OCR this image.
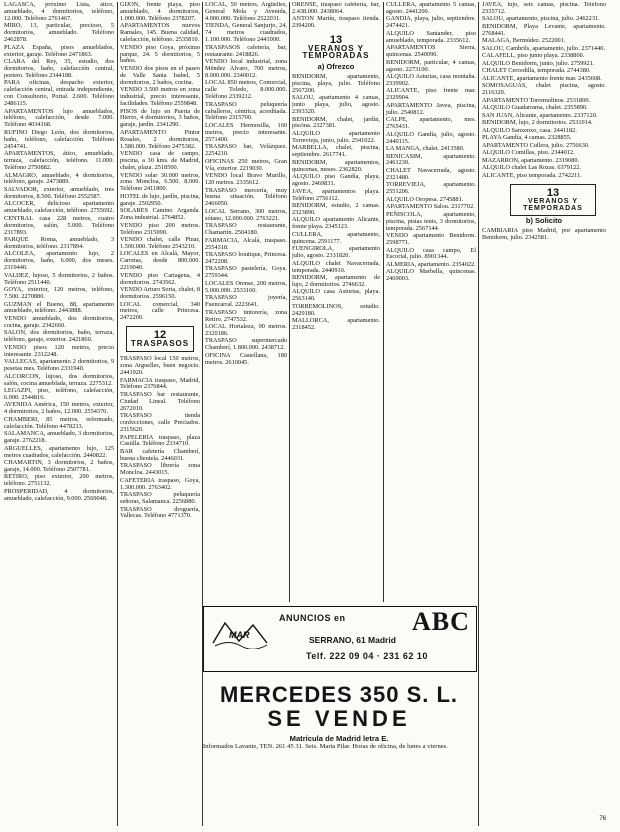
LAGASCA, próximo Lista, ático, amueblado, 4 dormitorios, teléfono, 12.000. Teléfono 2761467.

MIRO, 13, particular, precioso, 5 dormitorios, amueblado. Teléfono 2462878.

PLAZA España, pisos amueblados, exterior, garaje. Teléfono 2471863.

CLARA del Rey, 35, estudio, dos dormitorios, baño, calefacción central, portero. Teléfono 2344188.

PARA oficinas, despacho exterior, calefacción central, entrada independiente, con Consultorio, Portal. 2.600. Teléfono 2486115.

APARTAMENTOS lujo amueblados, teléfono, calefacción, desde 7.000. Teléfono 4034168.

RUFINO Diego León, dos dormitorios, baño, teléfono, calefacción. Teléfono 2454741.

APARTAMENTOS, ático, amueblado, terraza, calefacción, teléfono. 11.000. Teléfono 2750882.

ALMAGRO, amueblado, 4 dormitorios, teléfono, garaje. 2473889.

SALVADOR, exterior, amueblado, tres dormitorios, 8.500. Teléfono 2552587.

ALCOCER, delicioso apartamento amueblado, calefacción, teléfono. 2755692.

CENTRAL casa 228 metros, cuatro dormitorios, salón, 5.000. Teléfono 2317893.

PARQUE Roma, amueblado, 3 dormitorios, teléfono. 2317894.

ALCOLEA, apartamento lujo, 2 dormitorios, baño, 6.000, dos meses. 2319440.

VALDEZ, lujoso, 5 dormitorios, 2 baños. Teléfono 2511440.

GOYA, exterior, 120 metros, teléfono, 7.500. 2270880.

GUZMAN el Bueno, 88, apartamento amueblado, teléfono. 2443888.

VENDO amueblado, dos dormitorios, cocina, garaje. 2342660.

SALON, dos dormitorios, baño, terraza, teléfono, garaje, exterior. 2421860.

VENDO pisos 120 metros, precio interesante. 2312248.

VALLECAS, apartamento 2 dormitorios, 9 pesetas mes. Teléfono 2331940.

ALCORCON, lujoso, dos dormitorios, salón, cocina amueblada, terraza. 2275312.

LEGAZPI, piso, teléfono, calefacción, 6.000. 2544816.

AVENIDA América, 150 metros, exterior, 4 dormitorios, 2 baños, 12.000. 2554370.

CHAMBERI, 85 metros, reformado, calefacción. Teléfono 4478233.

SALAMANCA, amueblado, 3 dormitorios, garaje. 2762218.

ARGUELLES, apartamento lujo, 125 metros cuadrados, calefacción. 2440822.

CHAMARTIN, 3 dormitorios, 2 baños, garaje, 14.000. Teléfono 2507781.

RETIRO, piso exterior, 200 metros, teléfono. 2751132.

PROSPERIDAD, 4 dormitorios, amueblado, calefacción, 9.000. 2569048.

GIJON, frente playa, piso amueblado, 4 dormitorios, 1.000.000. Teléfono 2378207.

APARTAMENTOS nuevos Ramales, 145. Buena calidad, calefacción, teléfono. 2535810.

VENDO piso Goya, próximo parque, 24. 5 dormitorios, 5 baños.

VENDO dos pisos en el paseo de Valle Santa Isabel, 5 dormitorios, 2 baños, cocina.

VENDO 3.500 metros en zona industrial, precio interesante, facilidades. Teléfono 2559848.

PISOS de lujo en Puerta de Hierro, 4 dormitorios, 3 baños, garaje, jardín. 2341290.

APARTAMENTO Pintor Rosales, 2 dormitorios, 1.580.000. Teléfono 2475382.

VENDO casa de campo, piscina, a 30 kms. de Madrid, chalet, plaza. 2518500.

VENDO solar 30.000 metros, zona Moncloa, 6.500. 8.000. Teléfono 2411800.

HOTEL de lujo, jardín, piscina, garaje. 2502950.

SOLARES Camino Arganda. Zona industrial. 2764852.

VENDO piso 200 metros. Teléfono 2315090.

VENDO chalet, calle Pinar, 1.500.000. Teléfono 2543210.

LOCALES en Alcalá, Mayor, Carretas, desde 800.000. 2219040.

VENDO piso Cartagena, 4 dormitorios. 2743562.

VENDO Arturo Soria, chalet, 8 dormitorios. 2596150.

LOCAL comercial, 340 metros, calle Princesa. 2472200.

12
TRASPASOS

TRASPASO local 150 metros, zona Arguelles, buen negocio. 2441920.

FARMACIA traspaso, Madrid, Teléfono 2376844.

TRASPASO bar restaurante, Ciudad Lineal. Teléfono 2672010.

TRASPASO tienda confecciones, calle Preciados. 2315620.

PAPELERIA traspaso, plaza Castilla. Teléfono 2334710.

BAR cafetería Chamberí, buena clientela. 2446031.

TRASPASO librería zona Moncloa. 2443015.

CAFETERIA traspaso, Goya, 1.300.000. 2763402.

TRASPASO peluquería señoras, Salamanca. 2256880.

TRASPASO droguería, Vallecas. Teléfono 4771370.

LOCAL, 50 metros, Argüelles, General Mola y Avenida, 4.000.000. Teléfono 2522031.

TIENDA, General Sanjurjo, 24, 74 metros cuadrados, 1.100.000. Teléfono 2441000.

TRASPASOS cafetería, bar, restaurante. 2418826.

VENDO local industrial, zona Méndez Alvaro, 700 metros, 8.000.000. 2340012.

LOCAL 850 metros, Comercial, calle Toledo, 8.000.000. Teléfono 2339212.

TRASPASO peluquería caballeros, céntrica, acreditada. Teléfono 2315700.

LOCALES Hermosilla, 160 metros, precio interesante. 2571400.

TRASPASO bar, Velázquez. 2254210.

OFICINAS 250 metros, Gran Vía, exterior. 2219030.

VENDO local Bravo Murillo, 120 metros. 2335612.

TRASPASO mercería, muy buena situación. Teléfono 2466050.

LOCAL Serrano, 300 metros, sótano, 12.000.000. 2763221.

TRASPASO restaurante, Chamartín. 2504180.

FARMACIA, Alcalá, traspaso. 2554318.

TRASPASO boutique, Princesa. 2472208.

TRASPASO pastelería, Goya. 2759344.

LOCALES Orense, 200 metros, 5.000.000. 2533160.

TRASPASO joyería, Fuencarral. 2223641.

TRASPASO tintorería, zona Retiro. 2747532.

LOCAL Hortaleza, 90 metros. 2320186.

TRASPASO supermercado Chamberí, 1.800.000. 2438712.

OFICINA Castellana, 180 metros. 2610045.

ORENSE, traspaso cafetería, bar, 2.438.000. 2438064.

ANTON Martín, traspaso tienda. 2394200.

13
VERANOS Y TEMPORADAS
a) Ofrezco

BENIDORM, apartamento, piscina, playa, julio. Teléfono 2567200.

SALOU, apartamento 4 camas, junto playa, julio, agosto. 2393320.

BENIDORM, chalet, jardín, piscina. 2327381.

ALQUILO apartamento Torrevieja, junio, julio. 2541022.

MARBELLA, chalet, piscina, septiembre. 2617741.

BENIDORM, apartamentos, quincenas, meses. 2362820.

ALQUILO piso Gandía, playa, agosto. 2469831.

JAVEA, apartamentos playa. Teléfono 2756112.

BENIDORM, estudio, 2 camas. 2323890.

ALQUILO apartamento Alicante, frente playa. 2345123.

CULLERA, apartamento, quincena. 2591177.

FUENGIROLA, apartamento julio, agosto. 2331820.

ALQUILO chalet Navacerrada, temporada. 2440910.

BENIDORM, apartamento de lujo, 2 dormitorios. 2746632.

ALQUILO casa Asturias, playa. 2563140.

TORREMOLINOS, estudio. 2429180.

MALLORCA, apartamento. 2318452.

CULLERA, apartamento 5 camas, agosto. 2441200.

GANDIA, playa, julio, septiembre. 2474421.

ALQUILO Santander, piso amueblado, temporada. 2335612.

APARTAMENTOS Sierra, quincenas. 2540090.

BENIDORM, particular, 4 camas, agosto. 2273100.

ALQUILO Asturias, casa montaña. 2339902.

ALICANTE, piso frente mar. 2329904.

APARTAMENTO Javea, piscina, julio. 2540812.

CALPE, apartamento, mes. 2765431.

ALQUILO Gandía, julio, agosto. 2440115.

LA MANGA, chalet. 2413580.

BENICASIM, apartamento. 2461230.

CHALET Navacerrada, agosto. 2321480.

TORREVIEJA, apartamento. 2551206.

ALQUILO Oropesa. 2745881.

APARTAMENTO Salou. 2317702.

PEÑISCOLA, apartamento, piscina, pistas tenis, 3 dormitorios, temporada. 2567144.

VENDO apartamento Benidorm. 2598771.

ALQUILO casa campo, El Escorial, julio. 8901344.

ALMERIA, apartamento. 2354022.

ALQUILO Marbella, quincenas. 2469003.

JAVEA, lujo, seis camas, piscina. Teléfono 2335712.

SALOU, apartamento, piscina, julio. 2462231.

BENIDORM, Playa Levante, apartamento. 2768441.

MALAGA, Bermúdez. 2522001.

SALOU, Cambrils, apartamento, julio. 2371440.

CALAFELL, piso junto playa. 2338800.

ALQUILO Benidorm, junio, julio. 2759921.

CHALET Cercedilla, temporada. 2744380.

ALICANTE, apartamento frente mar. 2435608.

SOMOSAGUAS, chalet piscina, agosto. 2116320.

APARTAMENTO Torremolinos. 2531800.

ALQUILO Guadarrama, chalet. 2355890.

SAN JUAN, Alicante, apartamento. 2337120.

BENIDORM, lujo, 2 dormitorios. 2531014.

ALQUILO Sanxenxo, casa. 2441182.

PLAYA Gandía, 4 camas. 2328855.

APARTAMENTO Cullera, julio. 2756630.

ALQUILO Comillas, piso. 2344012.

MAZARRON, apartamento. 2319080.

ALQUILO chalet Las Rozas. 6379122.

ALICANTE, piso temporada. 2742211.

13
VERANOS Y TEMPORADAS
b) Solicito

CAMBIARIA piso Madrid, por apartamento Benidorm, julio. 2342581.

MAR
ANUNCIOS en	ABC
SERRANO, 61 Madrid
Telf. 222 09 04 · 231 62 10
MERCEDES 350 S. L.
SE VENDE
Matrícula de Madrid letra E.
Informados Lavante, TEN. 261 45 31. Seis. Marta Pilar. Horas de oficina, de lunes a viernes.
76
